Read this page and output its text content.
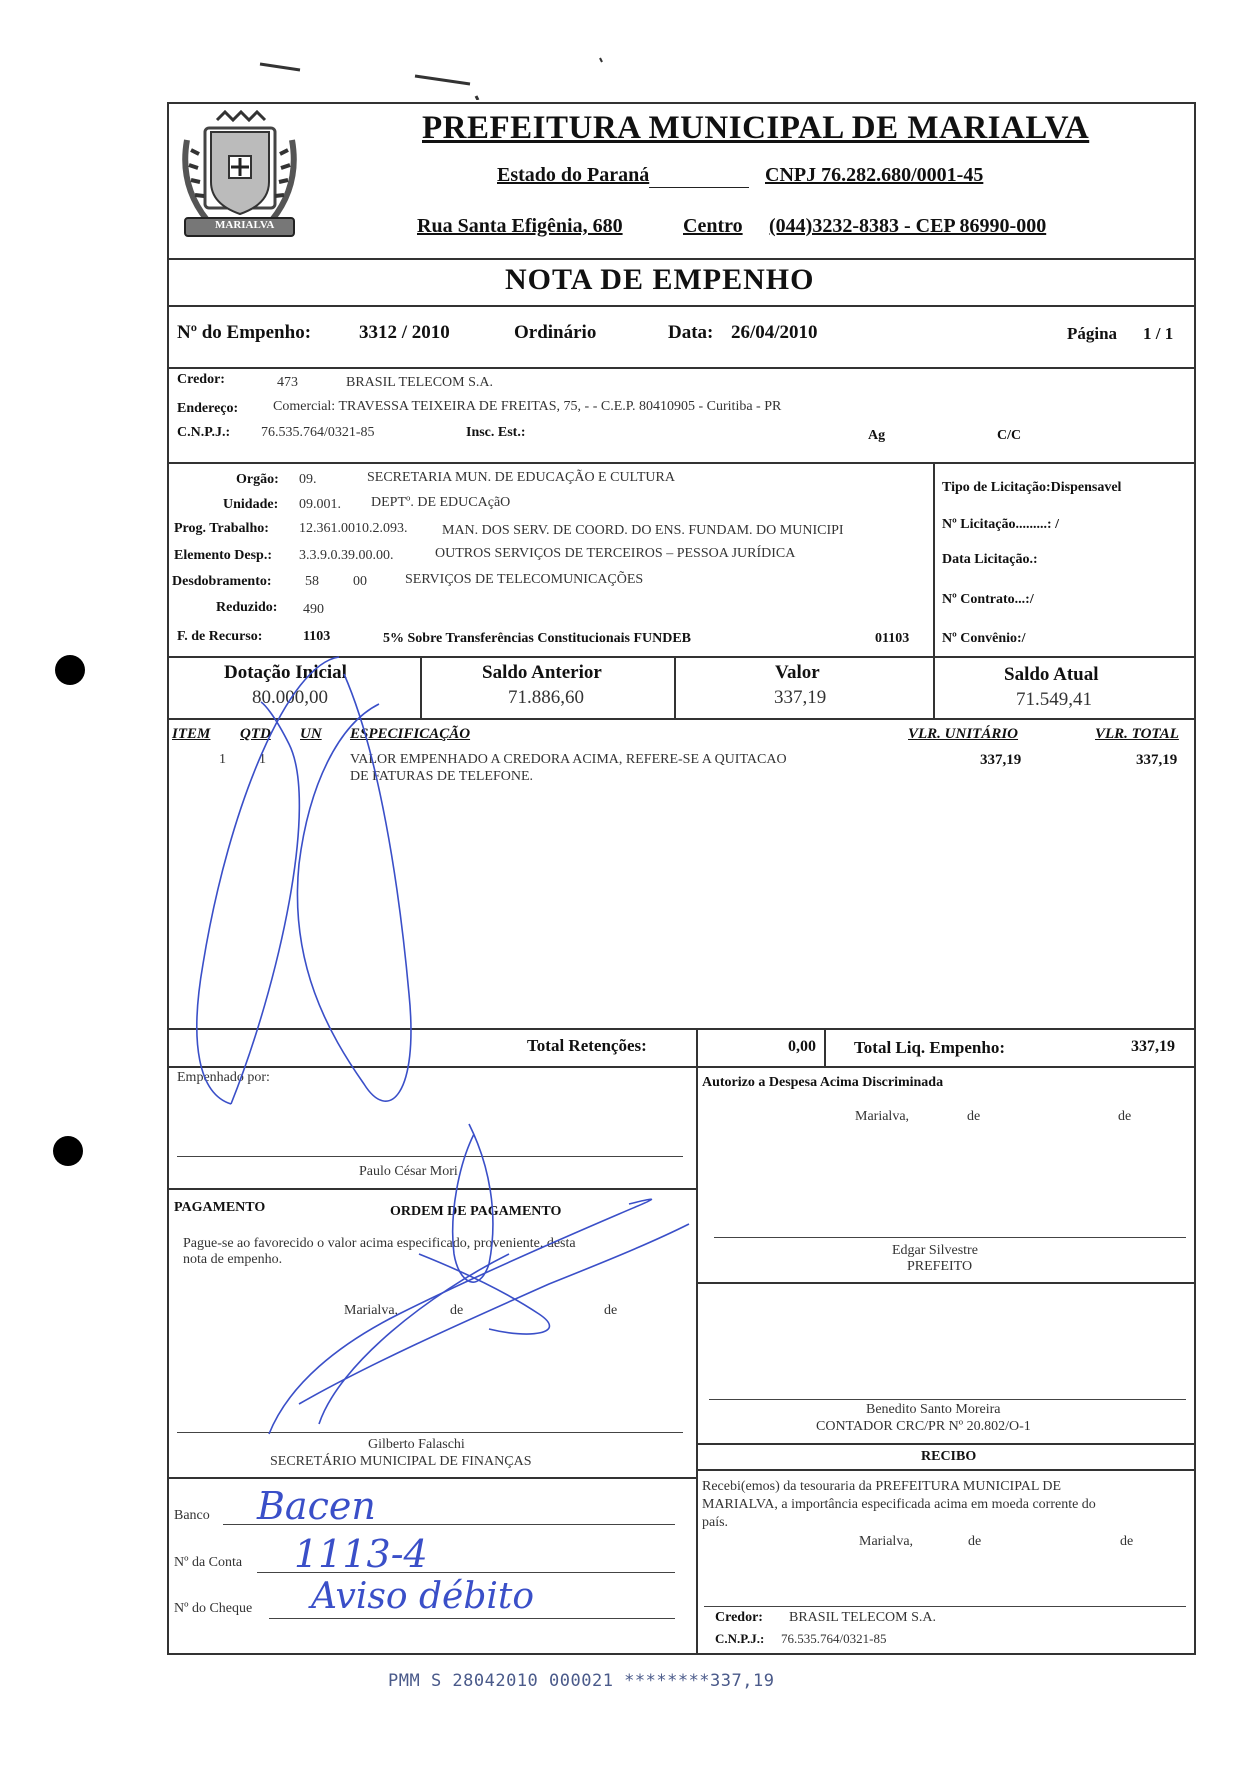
MARIALVA
PREFEITURA MUNICIPAL DE MARIALVA
Estado do Paraná	CNPJ 76.282.680/0001-45
Rua Santa Efigênia, 680	Centro (044)3232-8383 - CEP 86990-000
NOTA DE EMPENHO
Nº do Empenho:	3312 / 2010	Ordinário	Data: 26/04/2010	Página 1 / 1
Credor:	473	BRASIL TELECOM S.A.
Endereço: Comercial: TRAVESSA TEIXEIRA DE FREITAS, 75, - - C.E.P. 80410905 - Curitiba - PR
C.N.P.J.: 76.535.764/0321-85	Insc. Est.:	Ag	C/C
Orgão: 09.	SECRETARIA MUN. DE EDUCAÇÃO E CULTURA
Unidade: 09.001. DEPTº. DE EDUCAçãO
Prog. Trabalho: 12.361.0010.2.093. MAN. DOS SERV. DE COORD. DO ENS. FUNDAM. DO MUNICIPI
Elemento Desp.: 3.3.9.0.39.00.00.	OUTROS SERVIÇOS DE TERCEIROS – PESSOA JURÍDICA
Desdobramento: 58 00	SERVIÇOS DE TELECOMUNICAÇÕES
Reduzido: 490
F. de Recurso:	1103	5% Sobre Transferências Constitucionais FUNDEB	01103
Tipo de Licitação:Dispensavel
Nº Licitação.........: /
Data Licitação.:
Nº Contrato...:/
Nº Convênio:/
Dotação Inicial
80.000,00
Saldo Anterior
71.886,60
Valor
337,19
Saldo Atual
71.549,41
ITEM QTD UN ESPECIFICAÇÃO	VLR. UNITÁRIO	VLR. TOTAL
1 1	VALOR EMPENHADO A CREDORA ACIMA, REFERE-SE A QUITACAO
DE FATURAS DE TELEFONE.
337,19	337,19
Total Retenções:	0,00 Total Liq. Empenho:	337,19
Empenhado por:
Paulo César Mori
Autorizo a Despesa Acima Discriminada
Marialva,	de	de
Edgar Silvestre
PREFEITO
PAGAMENTO	ORDEM DE PAGAMENTO
Pague-se ao favorecido o valor acima especificado, proveniente, desta
nota de empenho.
Marialva,	de	de
Gilberto Falaschi
SECRETÁRIO MUNICIPAL DE FINANÇAS
Banco Bacen
Nº da Conta 1113-4
Nº do Cheque Aviso débito
Benedito Santo Moreira
CONTADOR CRC/PR Nº 20.802/O-1
RECIBO
Recebi(emos) da tesouraria da PREFEITURA MUNICIPAL DE
MARIALVA, a importância especificada acima em moeda corrente do
país.
Marialva,	de	de
Credor: BRASIL TELECOM S.A.
C.N.P.J.: 76.535.764/0321-85
PMM S 28042010 000021 ********337,19
